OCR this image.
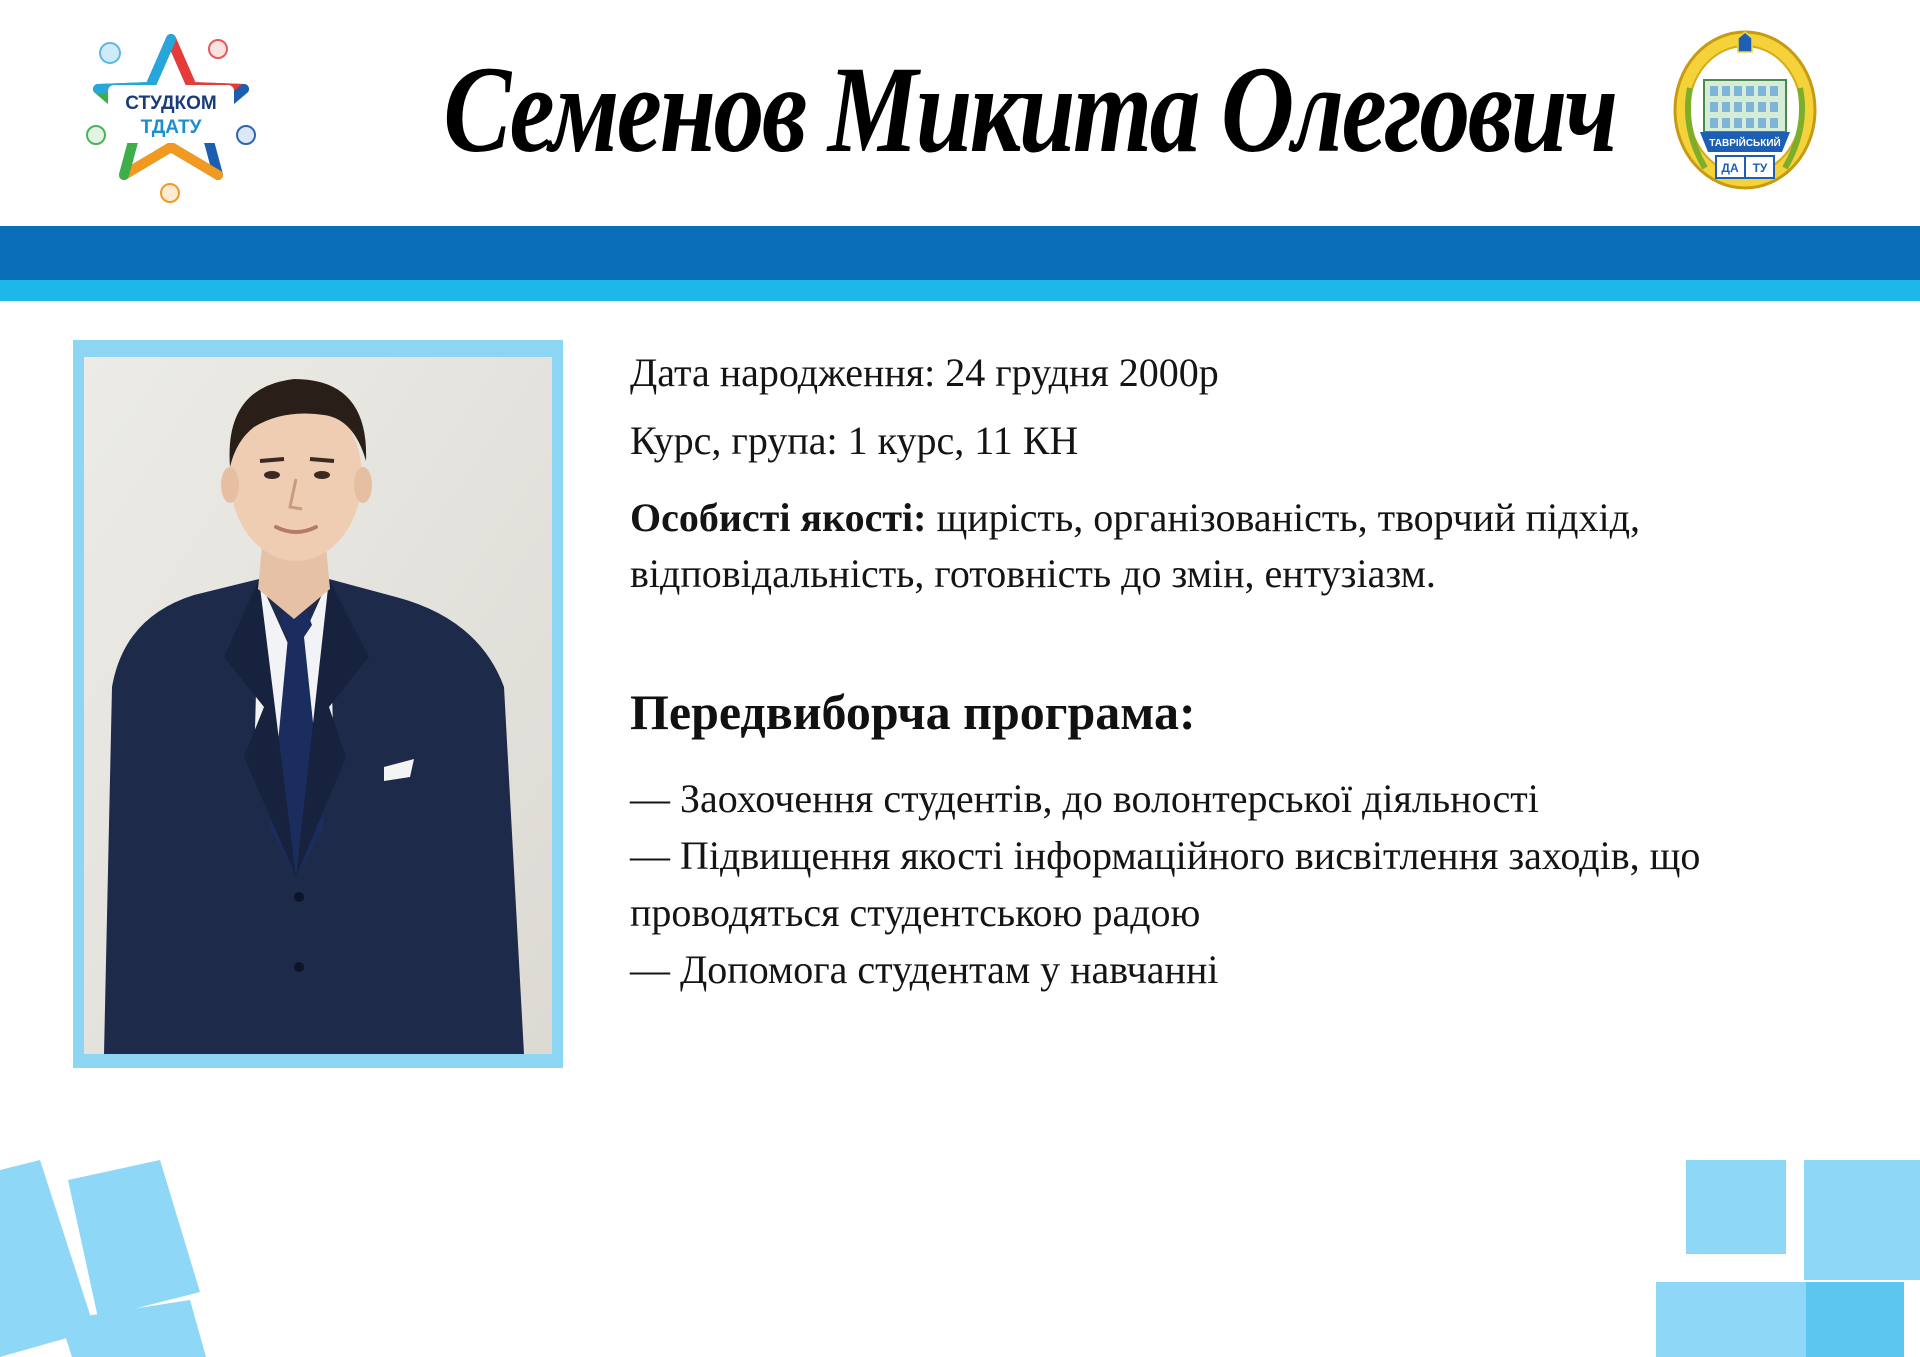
СТУДКОМ
ТДАТУ Семенов Микита Олегович	ТАВРІЙСЬКИЙ
ДА ТУ
Дата народження: 24 грудня 2000р
Курс, група: 1 курс, 11 КН
Особисті якості: щирість, організованість, творчий підхід, відповідальність, готовність до змін, ентузіазм.
Передвиборча програма:

— Заохочення студентів, до волонтерської діяльності

— Підвищення якості інформаційного висвітлення заходів, що проводяться студентською радою

— Допомога студентам у навчанні
